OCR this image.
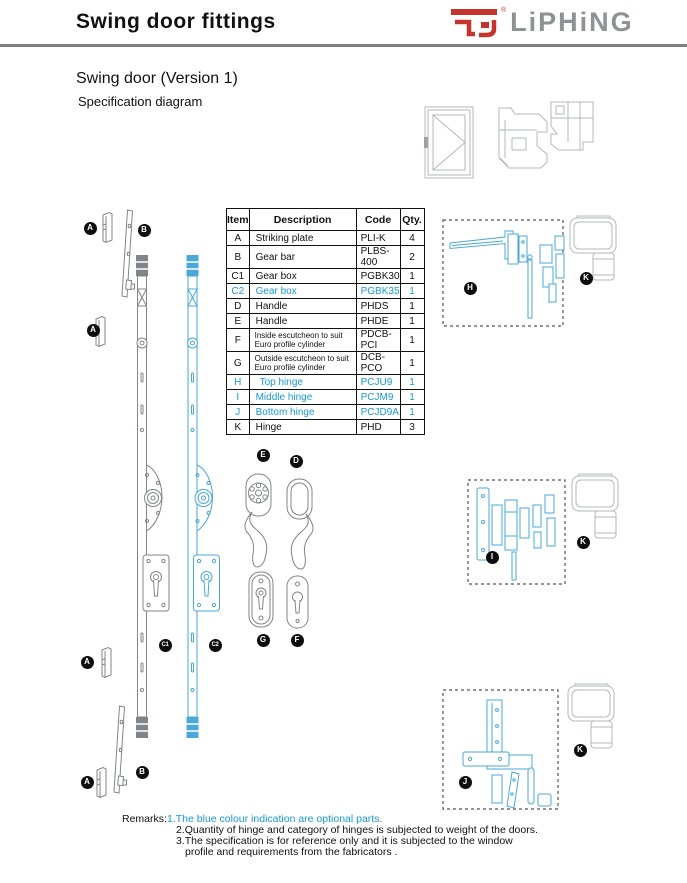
Swing door fittings	® LiPHiNG
Swing door (Version 1)
Specification diagram
Item	Description	Code	Qty.
A	Striking plate	PLI-K	4
B	Gear bar	PLBS-400	2
C1	Gear box	PGBK30	1
C2	Gear box	PGBK35	1
D	Handle	PHDS	1
E	Handle	PHDE	1
F	Inside escutcheon to suit Euro profile cylinder	PDCB-PCI	1
G	Outside escutcheon to suit Euro profile cylinder	DCB-PCO	1
H	Top hinge	PCJU9	1
I	Middle hinge	PCJM9	1
J	Bottom hinge	PCJD9A	1
K	Hinge	PHD	3
A	B
A
E
D
H
K
I
K
G	F
C1	C2
A
B
A	J
K
Remarks: 1.The blue colour indication are optional parts.
2.Quantity of hinge and category of hinges is subjected to weight of the doors.
3.The specification is for reference only and it is subjected to the window
profile and requirements from the fabricators .
